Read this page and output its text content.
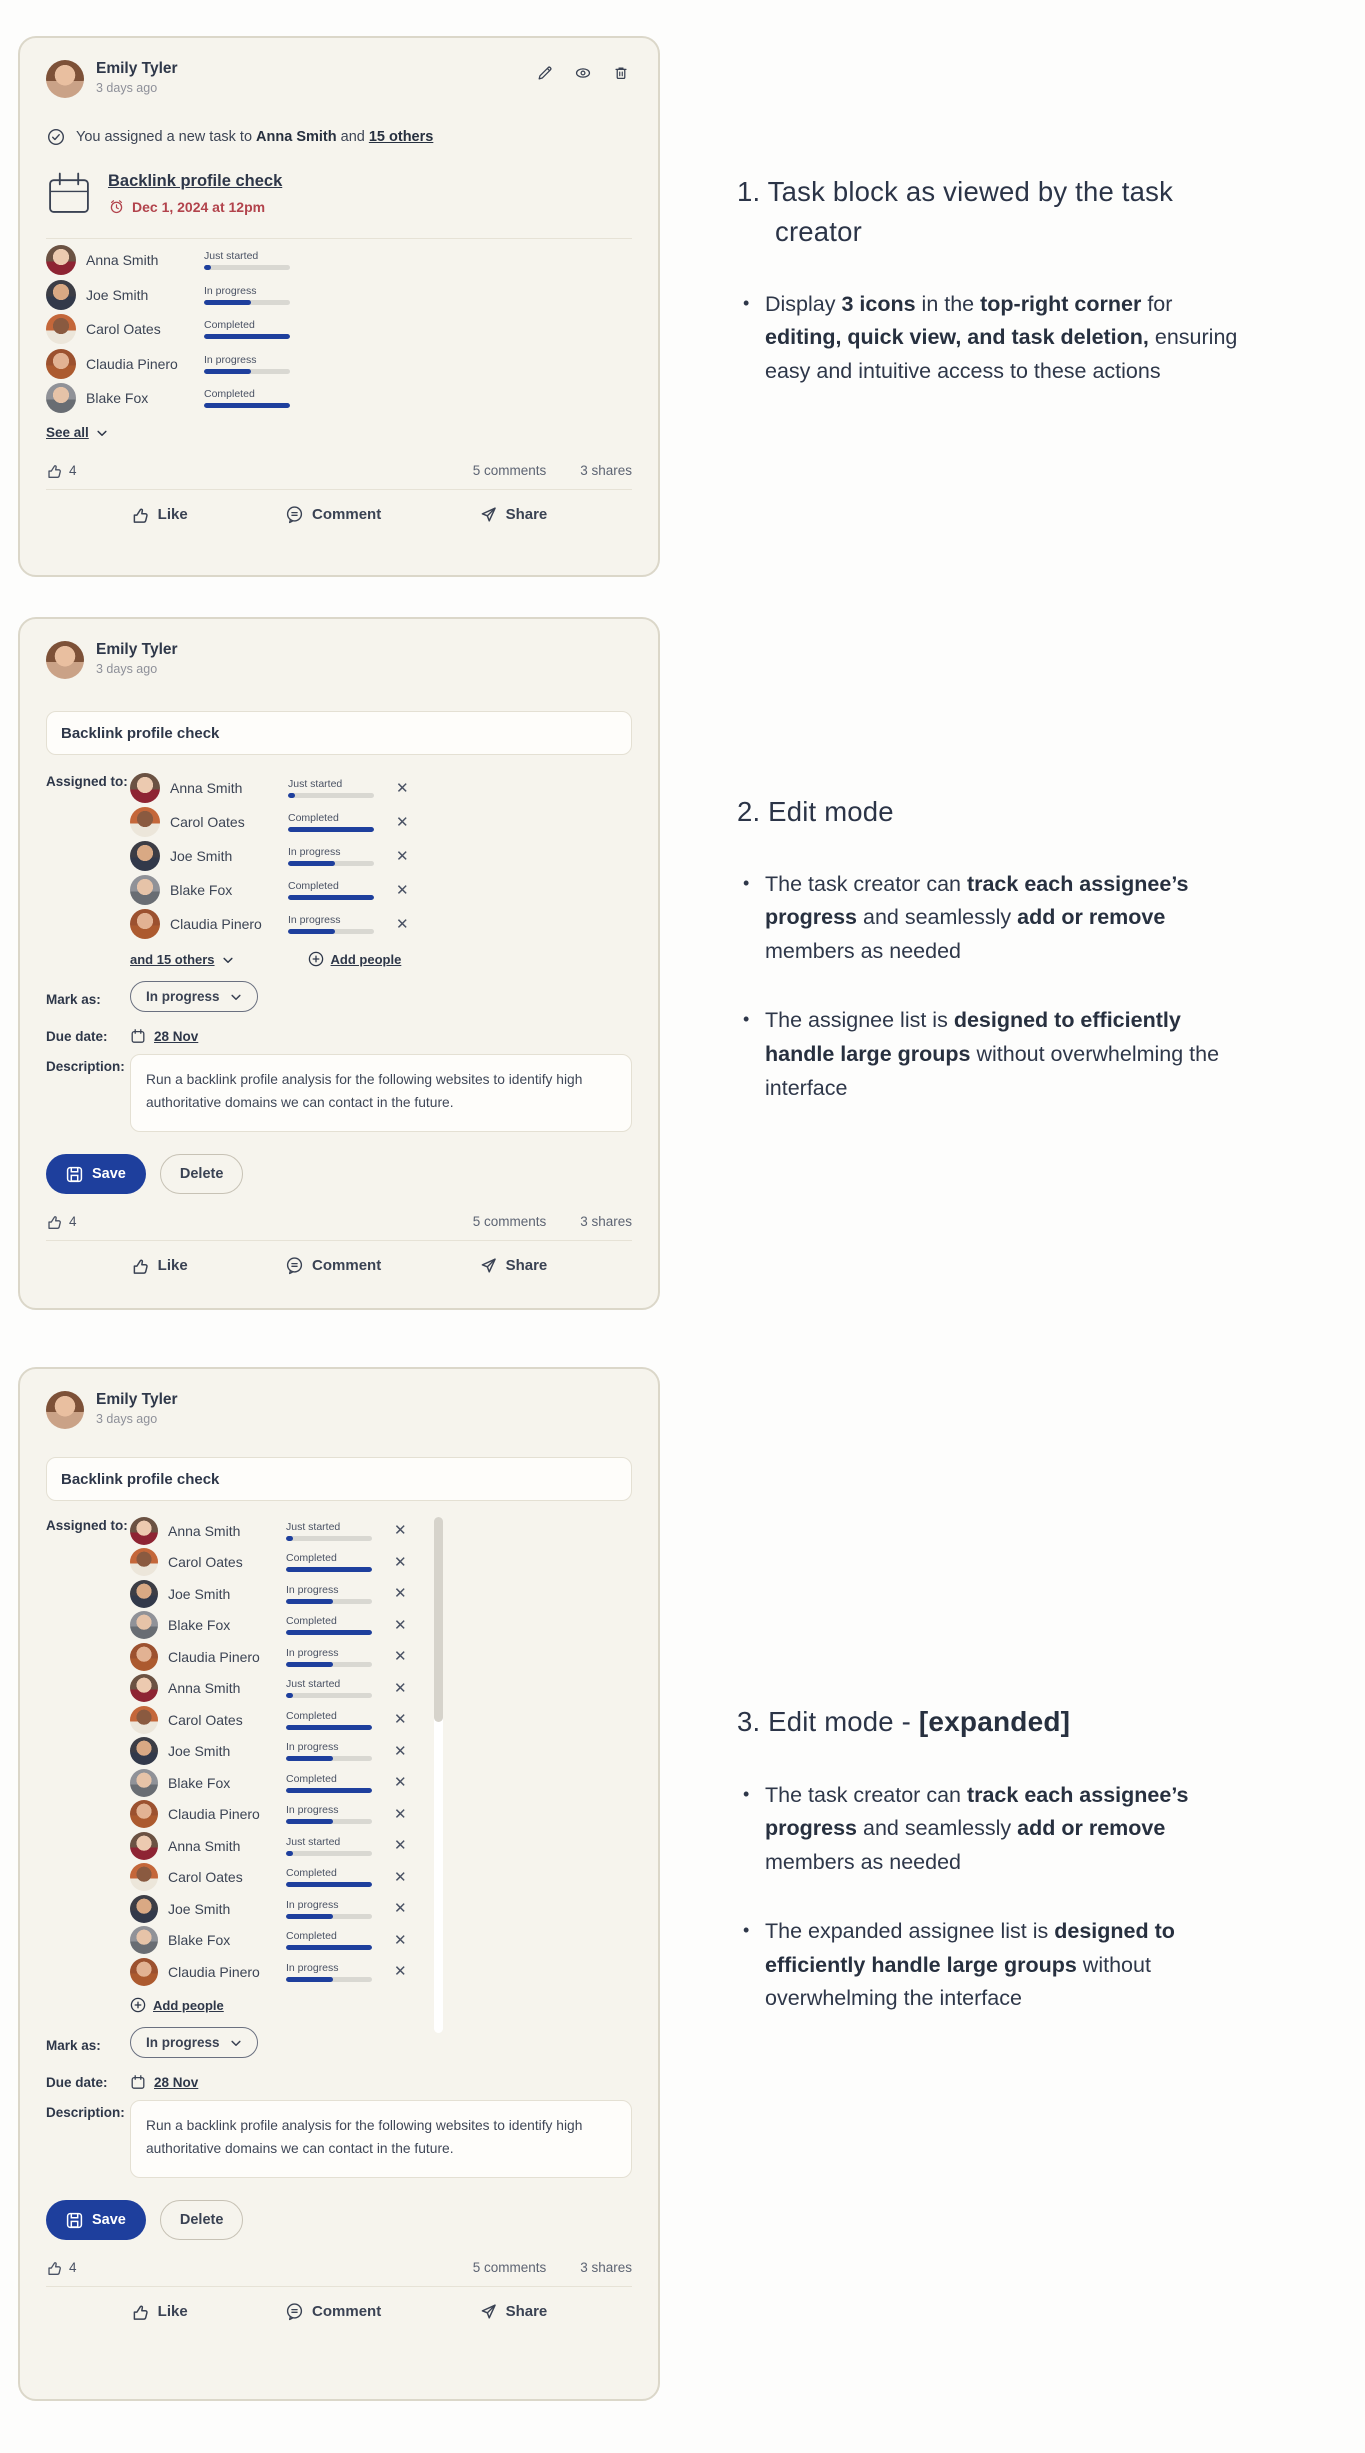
Emily Tyler
3 days ago
You assigned a new task to Anna Smith and 15 others
Backlink profile check
Dec 1, 2024 at 12pm
Anna Smith	Just started
Joe Smith	In progress
Carol Oates	Completed
Claudia Pinero	In progress
Blake Fox	Completed
See all
4	5 comments	3 shares
Like	Comment	Share
Emily Tyler
3 days ago
Backlink profile check
Assigned to:	Anna Smith	Just started	✕
Carol Oates	Completed	✕
Joe Smith	In progress	✕
Blake Fox	Completed	✕
Claudia Pinero	In progress	✕
and 15 others	Add people
Mark as:	In progress
Due date:	28 Nov
Description:
Run a backlink profile analysis for the following websites to identify high authoritative domains we can contact in the future.
Save	Delete
4	5 comments	3 shares
Like	Comment	Share
Emily Tyler
3 days ago
Backlink profile check
Assigned to:	Anna Smith	Just started	✕
Carol Oates	Completed	✕
Joe Smith	In progress	✕
Blake Fox	Completed	✕
Claudia Pinero	In progress	✕
Anna Smith	Just started	✕
Carol Oates	Completed	✕
Joe Smith	In progress	✕
Blake Fox	Completed	✕
Claudia Pinero	In progress	✕
Anna Smith	Just started	✕
Carol Oates	Completed	✕
Joe Smith	In progress	✕
Blake Fox	Completed	✕
Claudia Pinero	In progress	✕
Add people
Mark as:	In progress
Due date:	28 Nov
Description:
Run a backlink profile analysis for the following websites to identify high authoritative domains we can contact in the future.
Save	Delete
4	5 comments	3 shares
Like	Comment	Share
1. Task block as viewed by the task creator
• Display 3 icons in the top-right corner for editing, quick view, and task deletion, ensuring easy and intuitive access to these actions
2. Edit mode
• The task creator can track each assignee’s progress and seamlessly add or remove members as needed
• The assignee list is designed to efficiently handle large groups without overwhelming the interface
3. Edit mode - [expanded]
• The task creator can track each assignee’s progress and seamlessly add or remove members as needed
• The expanded assignee list is designed to efficiently handle large groups without overwhelming the interface
